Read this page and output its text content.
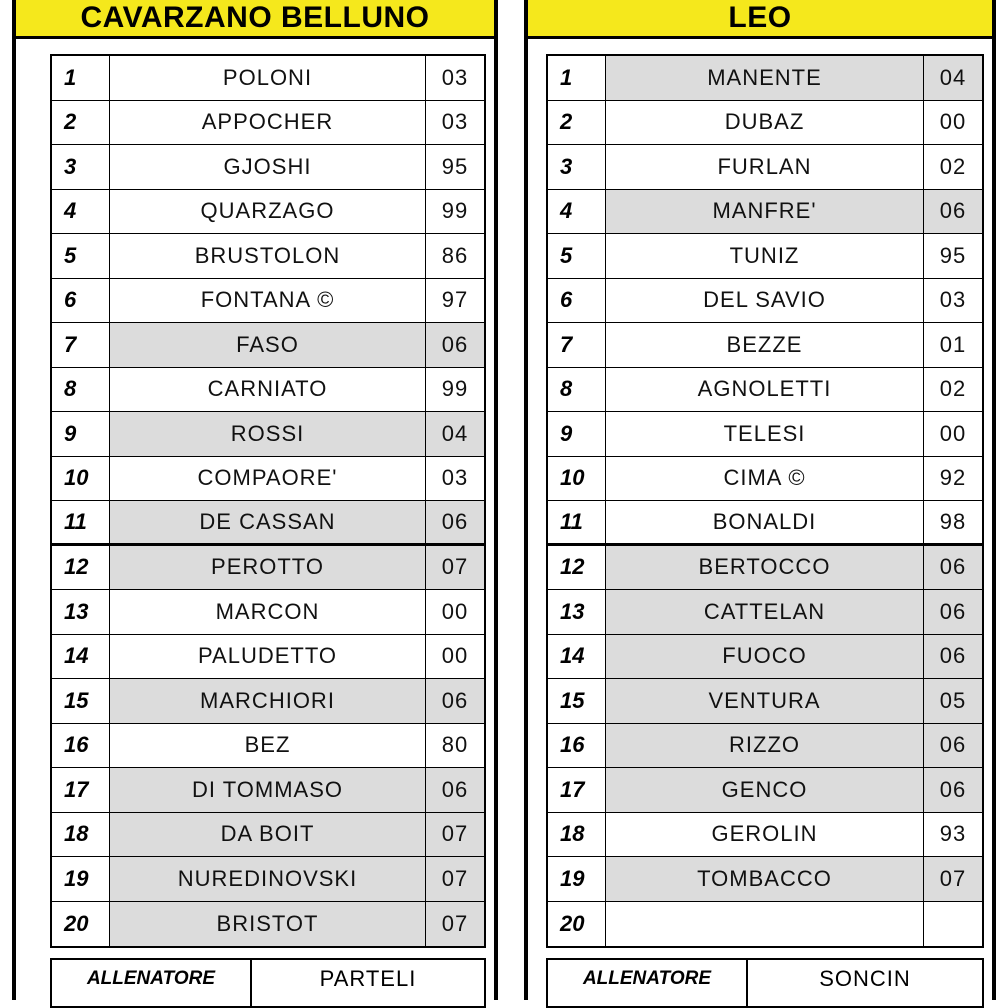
CAVARZANO BELLUNO
1	POLONI	03
2	APPOCHER	03
3	GJOSHI	95
4	QUARZAGO	99
5	BRUSTOLON	86
6	FONTANA ©	97
7	FASO	06
8	CARNIATO	99
9	ROSSI	04
10	COMPAORE'	03
11	DE CASSAN	06
12	PEROTTO	07
13	MARCON	00
14	PALUDETTO	00
15	MARCHIORI	06
16	BEZ	80
17	DI TOMMASO	06
18	DA BOIT	07
19	NUREDINOVSKI	07
20	BRISTOT	07
ALLENATORE	PARTELI
LEO
1	MANENTE	04
2	DUBAZ	00
3	FURLAN	02
4	MANFRE'	06
5	TUNIZ	95
6	DEL SAVIO	03
7	BEZZE	01
8	AGNOLETTI	02
9	TELESI	00
10	CIMA ©	92
11	BONALDI	98
12	BERTOCCO	06
13	CATTELAN	06
14	FUOCO	06
15	VENTURA	05
16	RIZZO	06
17	GENCO	06
18	GEROLIN	93
19	TOMBACCO	07
20
ALLENATORE	SONCIN
